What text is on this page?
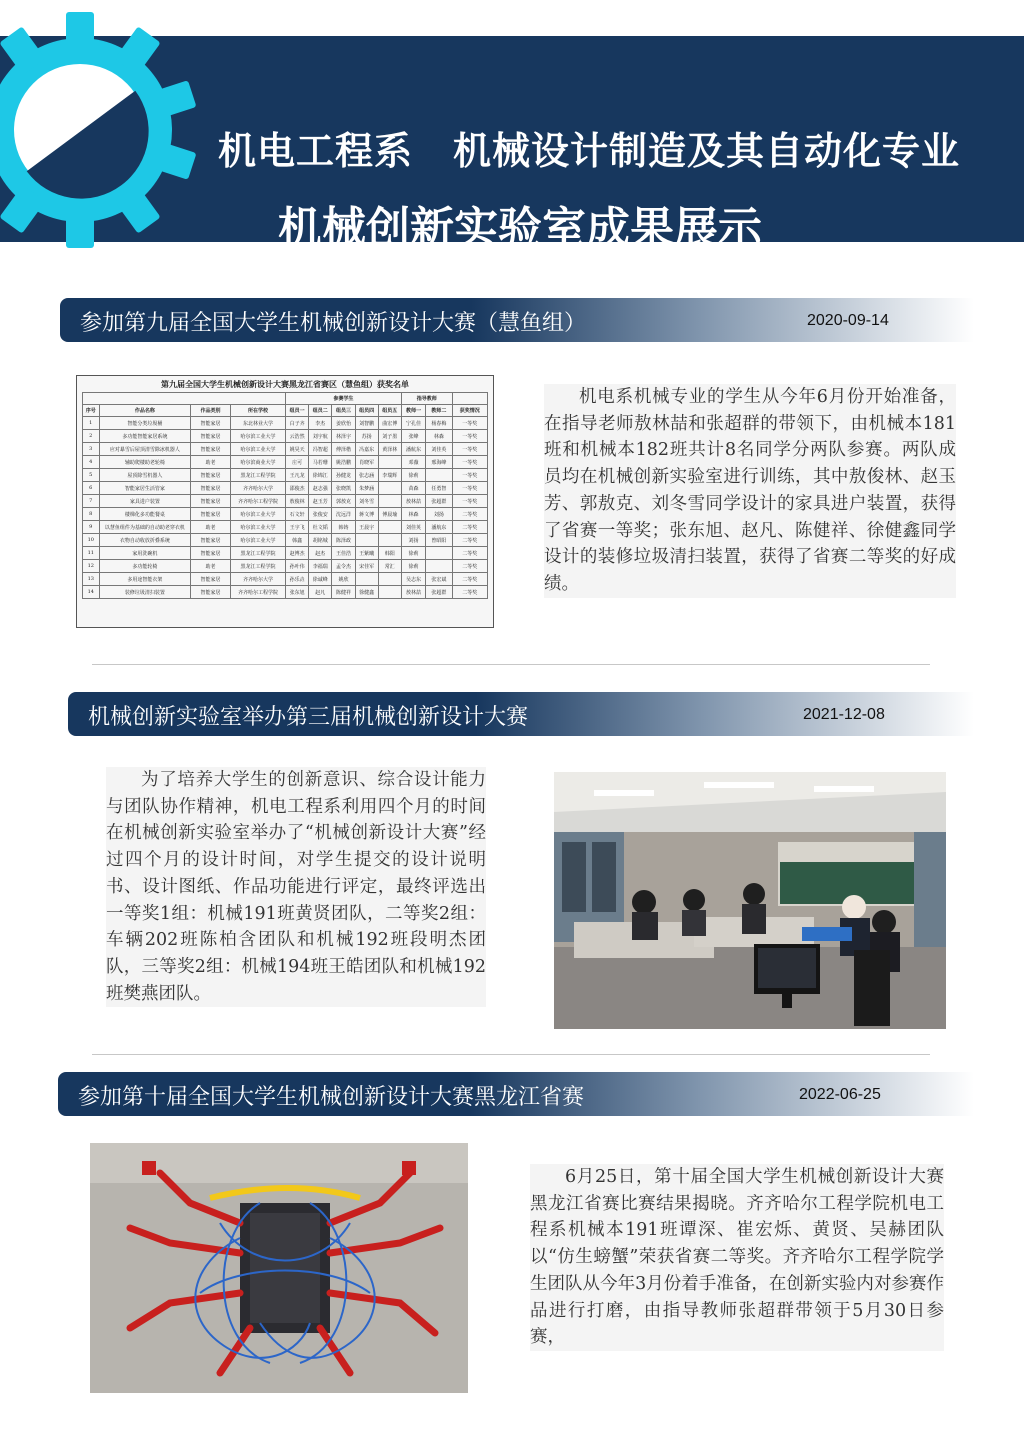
机电工程系 机械设计制造及其自动化专业
机械创新实验室成果展示
参加第九届全国大学生机械创新设计大赛（慧鱼组）	2020-09-14
第九届全国大学生机械创新设计大赛黑龙江省赛区（慧鱼组）获奖名单
				参赛学生					指导教师		
序号	作品名称	作品类别	所在学校	组员一	组员二	组员三	组员四	组员五	教师一	教师二	获奖情况
1	智能分类垃圾桶	智能家居	东北林业大学	白子齐	李杰	姜欣怡	刘智鹏	曲宏博	宁孔佳	杨春梅	一等奖
2	多功能智能家居系统	智能家居	哈尔滨工业大学	云浩然	刘宇航	林泽宇	苏扬	刘子墨	张峰	林森	一等奖
3	应对暴雪后屋顶清雪除冰机器人	智能家居	哈尔滨工业大学	姚昊天	冯智超	傅泽楷	冯嘉东	黄泽林	潘航东	刘佳英	一等奖
4	辅助爬楼助老轮椅	助老	哈尔滨商业大学	庄可	马若珊	姚浩鹏	肖晓军		邓薇	邢海峰	一等奖
5	屋顶除雪机器人	智能家居	黑龙江工程学院	王凡龙	徐锦江	孙健龙	张志涵	李瑞辉	徐莉		一等奖
6	智能家居生活管家	智能家居	齐齐哈尔大学	邵俊杰	赵志强	张晓凯	朱梦涵		苗森	任勇智	一等奖
7	家具进户装置	智能家居	齐齐哈尔工程学院	敖俊林	赵玉芳	郭敖克	刘冬雪		敖林喆	张超群	一等奖
8	楼梯化多功能餐桌	智能家居	哈尔滨工业大学	石文轩	张俊安	沈远洋	蒋文博	傅晨瑜	林森	刘扬	二等奖
9	以慧鱼组件为基础的自动助老穿衣机	助老	哈尔滨工业大学	王宇飞	杜文韬	韩铸	王晨宇		刘佳英	潘航东	二等奖
10	衣物自动收放折叠系统	智能家居	哈尔滨工业大学	韩鑫	胡铭城	陈泽政			刘扬	曾昭阳	二等奖
11	家用洗碗机	智能家居	黑龙江工程学院	赵博杰	赵杰	王佳浩	王紫曦	韩阳	徐莉		二等奖
12	多功能轮椅	助老	黑龙江工程学院	孙叶伟	李福瑞	孟令杰	宋佳军	常汇	徐莉		二等奖
13	多用途智能衣架	智能家居	齐齐哈尔大学	孙乐垚	徐诚峰	姚欣			吴志东	张宏斌	二等奖
14	装修垃圾清扫装置	智能家居	齐齐哈尔工程学院	张东旭	赵凡	陈健祥	徐健鑫		敖林喆	张超群	二等奖
机电系机械专业的学生从今年6月份开始准备，在指导老师敖林喆和张超群的带领下，由机械本181班和机械本182班共计8名同学分两队参赛。两队成员均在机械创新实验室进行训练，其中敖俊林、赵玉芳、郭敖克、刘冬雪同学设计的家具进户装置，获得了省赛一等奖；张东旭、赵凡、陈健祥、徐健鑫同学设计的装修垃圾清扫装置，获得了省赛二等奖的好成绩。
机械创新实验室举办第三届机械创新设计大赛	2021-12-08
为了培养大学生的创新意识、综合设计能力与团队协作精神，机电工程系利用四个月的时间在机械创新实验室举办了“机械创新设计大赛”经过四个月的设计时间，对学生提交的设计说明书、设计图纸、作品功能进行评定，最终评选出一等奖1组：机械191班黄贤团队，二等奖2组：车辆202班陈柏含团队和机械192班段明杰团队，三等奖2组：机械194班王皓团队和机械192班樊燕团队。
参加第十届全国大学生机械创新设计大赛黑龙江省赛	2022-06-25
6月25日，第十届全国大学生机械创新设计大赛黑龙江省赛比赛结果揭晓。齐齐哈尔工程学院机电工程系机械本191班谭深、崔宏烁、黄贤、吴赫团队以“仿生螃蟹”荣获省赛二等奖。齐齐哈尔工程学院学生团队从今年3月份着手准备，在创新实验内对参赛作品进行打磨，由指导教师张超群带领于5月30日参赛，
